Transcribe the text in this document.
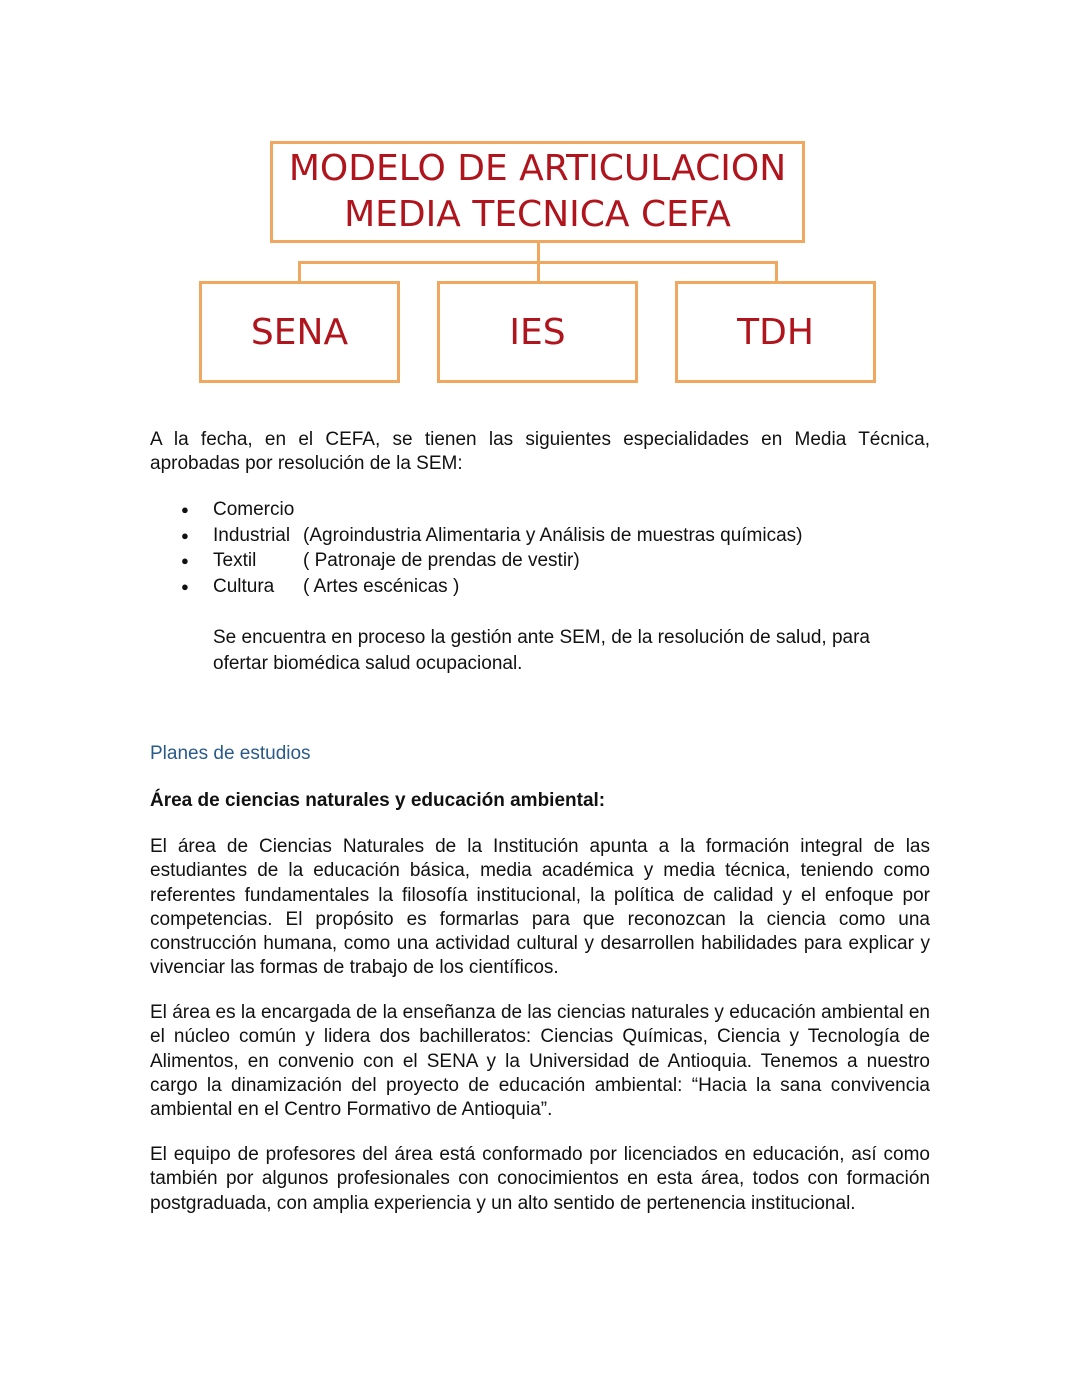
MODELO DE ARTICULACION
MEDIA TECNICA CEFA
SENA	IES	TDH

A la fecha, en el CEFA, se tienen las siguientes especialidades en Media Técnica, aprobadas por resolución de la SEM:

● Comercio
● Industrial (Agroindustria Alimentaria y Análisis de muestras químicas)
● Textil ( Patronaje de prendas de vestir)
● Cultura ( Artes escénicas )

Se encuentra en proceso la gestión ante SEM, de la resolución de salud, para ofertar biomédica salud ocupacional.

Planes de estudios
Área de ciencias naturales y educación ambiental:

El área de Ciencias Naturales de la Institución apunta a la formación integral de las estudiantes de la educación básica, media académica y media técnica, teniendo como referentes fundamentales la filosofía institucional, la política de calidad y el enfoque por competencias. El propósito es formarlas para que reconozcan la ciencia como una construcción humana, como una actividad cultural y desarrollen habilidades para explicar y vivenciar las formas de trabajo de los científicos.

El área es la encargada de la enseñanza de las ciencias naturales y educación ambiental en el núcleo común y lidera dos bachilleratos: Ciencias Químicas, Ciencia y Tecnología de Alimentos, en convenio con el SENA y la Universidad de Antioquia. Tenemos a nuestro cargo la dinamización del proyecto de educación ambiental: “Hacia la sana convivencia ambiental en el Centro Formativo de Antioquia”.

El equipo de profesores del área está conformado por licenciados en educación, así como también por algunos profesionales con conocimientos en esta área, todos con formación postgraduada, con amplia experiencia y un alto sentido de pertenencia institucional.
